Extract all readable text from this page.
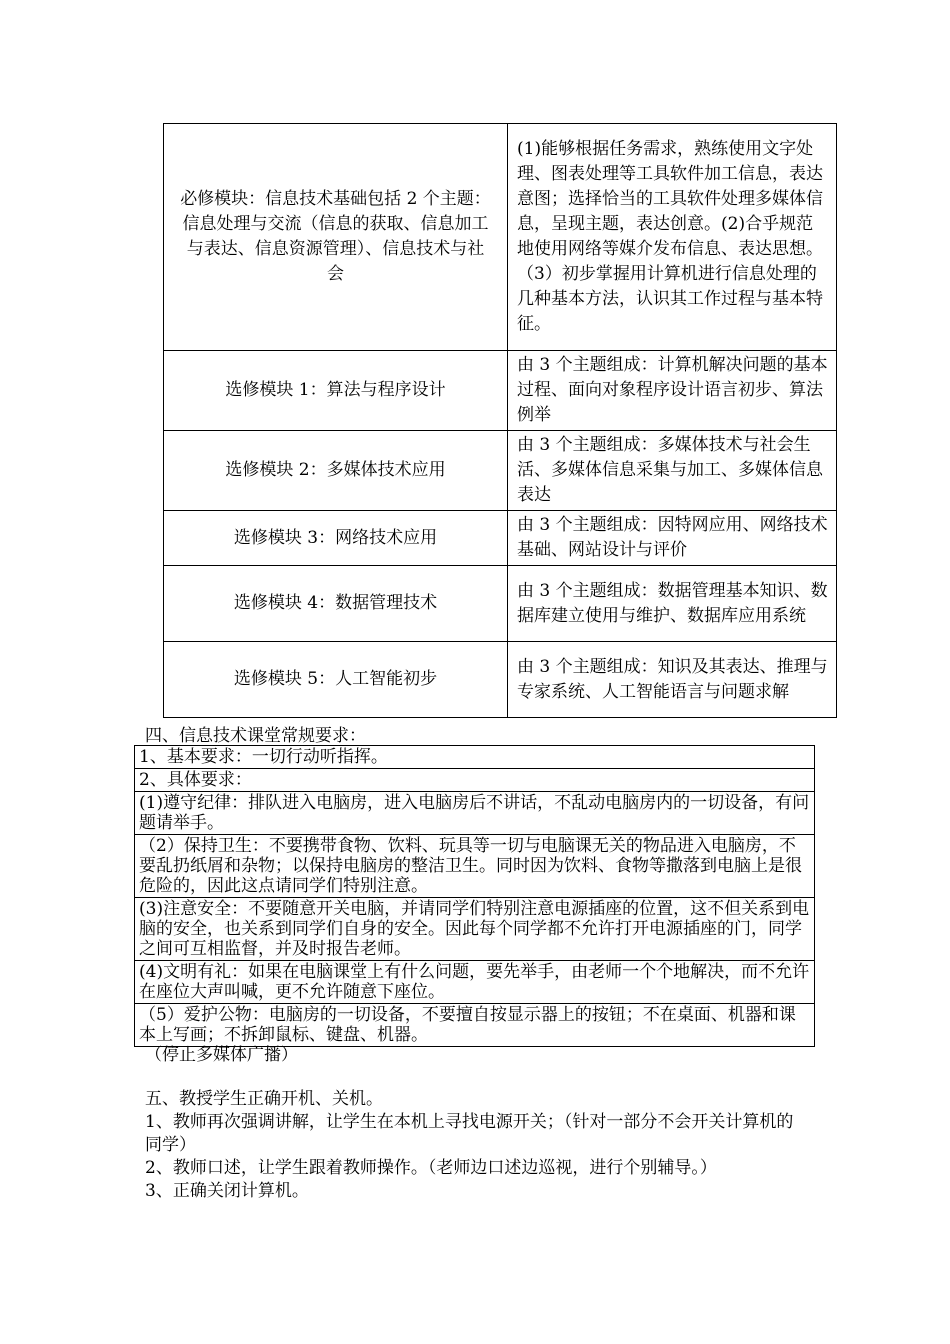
必修模块：信息技术基础包括 2 个主题：信息处理与交流（信息的获取、信息加工与表达、信息资源管理）、信息技术与社会	(1)能够根据任务需求，熟练使用文字处理、图表处理等工具软件加工信息，表达意图；选择恰当的工具软件处理多媒体信息，呈现主题，表达创意。(2)合乎规范地使用网络等媒介发布信息、表达思想。

（3）初步掌握用计算机进行信息处理的几种基本方法，认识其工作过程与基本特征。

选修模块 1：算法与程序设计	由 3 个主题组成：计算机解决问题的基本过程、面向对象程序设计语言初步、算法例举

选修模块 2：多媒体技术应用	由 3 个主题组成：多媒体技术与社会生活、多媒体信息采集与加工、多媒体信息表达

选修模块 3：网络技术应用	由 3 个主题组成：因特网应用、网络技术基础、网站设计与评价

选修模块 4：数据管理技术	由 3 个主题组成：数据管理基本知识、数据库建立使用与维护、数据库应用系统

选修模块 5：人工智能初步	由 3 个主题组成：知识及其表达、推理与专家系统、人工智能语言与问题求解

四、信息技术课堂常规要求：
1、基本要求：一切行动听指挥。
2、具体要求：
(1)遵守纪律：排队进入电脑房，进入电脑房后不讲话，不乱动电脑房内的一切设备，有问题请举手。
（2）保持卫生：不要携带食物、饮料、玩具等一切与电脑课无关的物品进入电脑房，不要乱扔纸屑和杂物；以保持电脑房的整洁卫生。同时因为饮料、食物等撒落到电脑上是很危险的，因此这点请同学们特别注意。
(3)注意安全：不要随意开关电脑，并请同学们特别注意电源插座的位置，这不但关系到电脑的安全，也关系到同学们自身的安全。因此每个同学都不允许打开电源插座的门，同学之间可互相监督，并及时报告老师。
(4)文明有礼：如果在电脑课堂上有什么问题，要先举手，由老师一个个地解决，而不允许在座位大声叫喊，更不允许随意下座位。
（5）爱护公物：电脑房的一切设备，不要擅自按显示器上的按钮；不在桌面、机器和课本上写画；不拆卸鼠标、键盘、机器。
（停止多媒体广播）
五、教授学生正确开机、关机。
1、教师再次强调讲解，让学生在本机上寻找电源开关；（针对一部分不会开关计算机的同学）
2、教师口述，让学生跟着教师操作。（老师边口述边巡视，进行个别辅导。）
3、正确关闭计算机。
